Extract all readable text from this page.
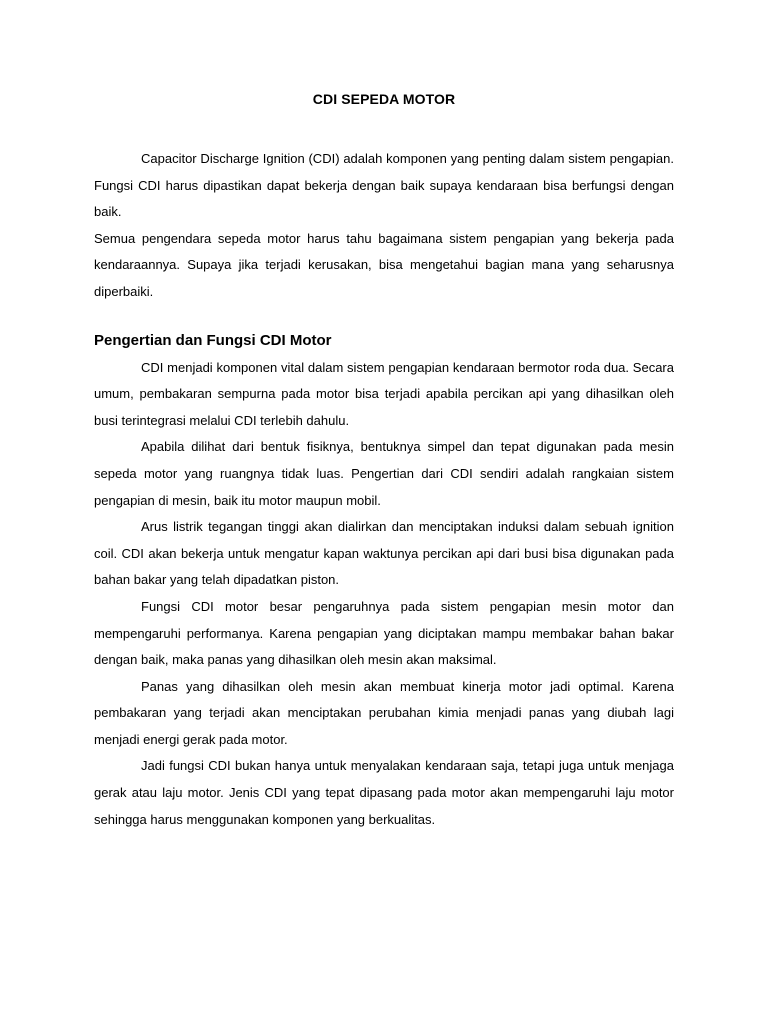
CDI SEPEDA MOTOR

Capacitor Discharge Ignition (CDI) adalah komponen yang penting dalam sistem pengapian. Fungsi CDI harus dipastikan dapat bekerja dengan baik supaya kendaraan bisa berfungsi dengan baik.

Semua pengendara sepeda motor harus tahu bagaimana sistem pengapian yang bekerja pada kendaraannya. Supaya jika terjadi kerusakan, bisa mengetahui bagian mana yang seharusnya diperbaiki.

Pengertian dan Fungsi CDI Motor

CDI menjadi komponen vital dalam sistem pengapian kendaraan bermotor roda dua. Secara umum, pembakaran sempurna pada motor bisa terjadi apabila percikan api yang dihasilkan oleh busi terintegrasi melalui CDI terlebih dahulu.

Apabila dilihat dari bentuk fisiknya, bentuknya simpel dan tepat digunakan pada mesin sepeda motor yang ruangnya tidak luas. Pengertian dari CDI sendiri adalah rangkaian sistem pengapian di mesin, baik itu motor maupun mobil.

Arus listrik tegangan tinggi akan dialirkan dan menciptakan induksi dalam sebuah ignition coil. CDI akan bekerja untuk mengatur kapan waktunya percikan api dari busi bisa digunakan pada bahan bakar yang telah dipadatkan piston.

Fungsi CDI motor besar pengaruhnya pada sistem pengapian mesin motor dan mempengaruhi performanya. Karena pengapian yang diciptakan mampu membakar bahan bakar dengan baik, maka panas yang dihasilkan oleh mesin akan maksimal.

Panas yang dihasilkan oleh mesin akan membuat kinerja motor jadi optimal. Karena pembakaran yang terjadi akan menciptakan perubahan kimia menjadi panas yang diubah lagi menjadi energi gerak pada motor.

Jadi fungsi CDI bukan hanya untuk menyalakan kendaraan saja, tetapi juga untuk menjaga gerak atau laju motor. Jenis CDI yang tepat dipasang pada motor akan mempengaruhi laju motor sehingga harus menggunakan komponen yang berkualitas.
